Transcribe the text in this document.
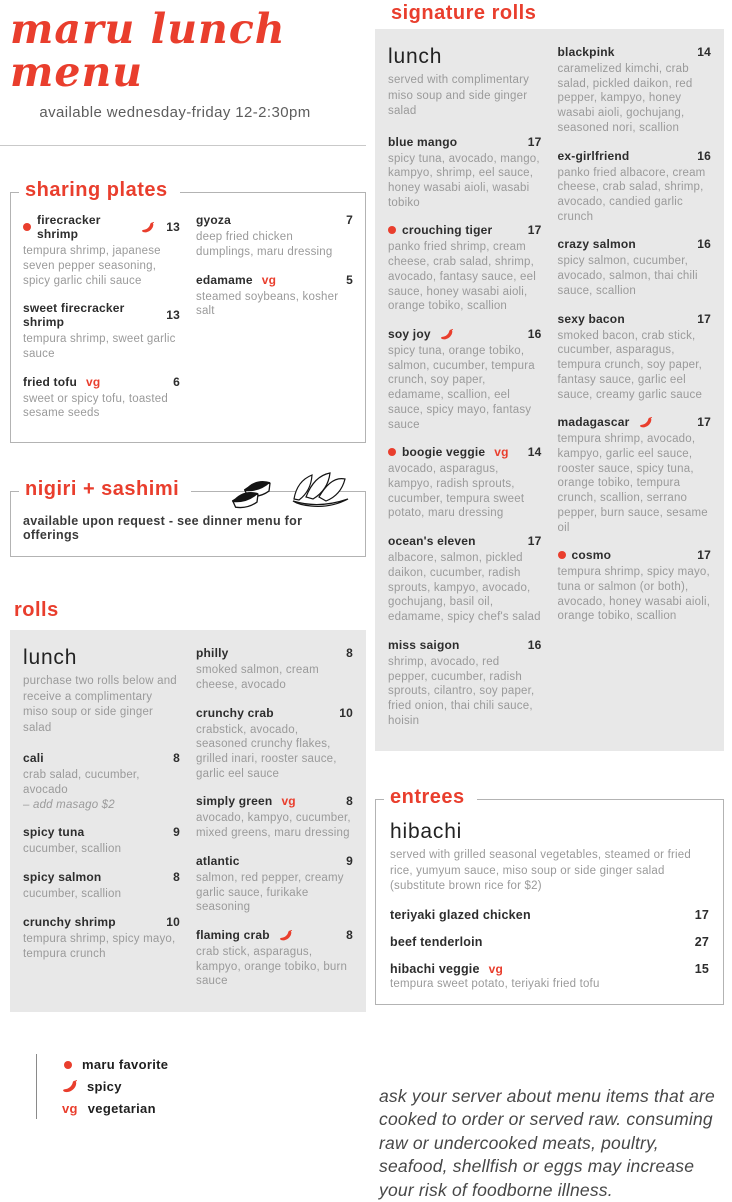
maru lunch menu
available wednesday-friday 12-2:30pm
sharing plates
firecracker shrimp	13
tempura shrimp, japanese seven pepper seasoning, spicy garlic chili sauce
sweet firecracker shrimp	13
tempura shrimp, sweet garlic sauce
fried tofu vg	6
sweet or spicy tofu, toasted sesame seeds
gyoza	7
deep fried chicken dumplings, maru dressing
edamame vg	5
steamed soybeans, kosher salt
nigiri + sashimi
available upon request - see dinner menu for offerings
rolls
lunch
purchase two rolls below and receive a complimentary miso soup or side ginger salad
cali	8
crab salad, cucumber, avocado
– add masago $2
spicy tuna	9
cucumber, scallion
spicy salmon	8
cucumber, scallion
crunchy shrimp	10
tempura shrimp, spicy mayo, tempura crunch
philly	8
smoked salmon, cream cheese, avocado
crunchy crab	10
crabstick, avocado, seasoned crunchy flakes, grilled inari, rooster sauce, garlic eel sauce
simply green vg	8
avocado, kampyo, cucumber, mixed greens, maru dressing
atlantic	9
salmon, red pepper, creamy garlic sauce, furikake seasoning
flaming crab	8
crab stick, asparagus, kampyo, orange tobiko, burn sauce
maru favorite
spicy
vg vegetarian
signature rolls
lunch
served with complimentary miso soup and side ginger salad
blue mango	17
spicy tuna, avocado, mango, kampyo, shrimp, eel sauce, honey wasabi aioli, wasabi tobiko
crouching tiger	17
panko fried shrimp, cream cheese, crab salad, shrimp, avocado, fantasy sauce, eel sauce, honey wasabi aioli, orange tobiko, scallion
soy joy	16
spicy tuna, orange tobiko, salmon, cucumber, tempura crunch, soy paper, edamame, scallion, eel sauce, spicy mayo, fantasy sauce
boogie veggie vg	14
avocado, asparagus, kampyo, radish sprouts, cucumber, tempura sweet potato, maru dressing
ocean's eleven	17
albacore, salmon, pickled daikon, cucumber, radish sprouts, kampyo, avocado, gochujang, basil oil, edamame, spicy chef's salad
miss saigon	16
shrimp, avocado, red pepper, cucumber, radish sprouts, cilantro, soy paper, fried onion, thai chili sauce, hoisin
blackpink	14
caramelized kimchi, crab salad, pickled daikon, red pepper, kampyo, honey wasabi aioli, gochujang, seasoned nori, scallion
ex-girlfriend	16
panko fried albacore, cream cheese, crab salad, shrimp, avocado, candied garlic crunch
crazy salmon	16
spicy salmon, cucumber, avocado, salmon, thai chili sauce, scallion
sexy bacon	17
smoked bacon, crab stick, cucumber, asparagus, tempura crunch, soy paper, fantasy sauce, garlic eel sauce, creamy garlic sauce
madagascar	17
tempura shrimp, avocado, kampyo, garlic eel sauce, rooster sauce, spicy tuna, orange tobiko, tempura crunch, scallion, serrano pepper, burn sauce, sesame oil
cosmo	17
tempura shrimp, spicy mayo, tuna or salmon (or both), avocado, honey wasabi aioli, orange tobiko, scallion
entrees
hibachi
served with grilled seasonal vegetables, steamed or fried rice, yumyum sauce, miso soup or side ginger salad (substitute brown rice for $2)
teriyaki glazed chicken	17
beef tenderloin	27
hibachi veggie vg	15
tempura sweet potato, teriyaki fried tofu
ask your server about menu items that are cooked to order or served raw. consuming raw or undercooked meats, poultry, seafood, shellfish or eggs may increase your risk of foodborne illness.
